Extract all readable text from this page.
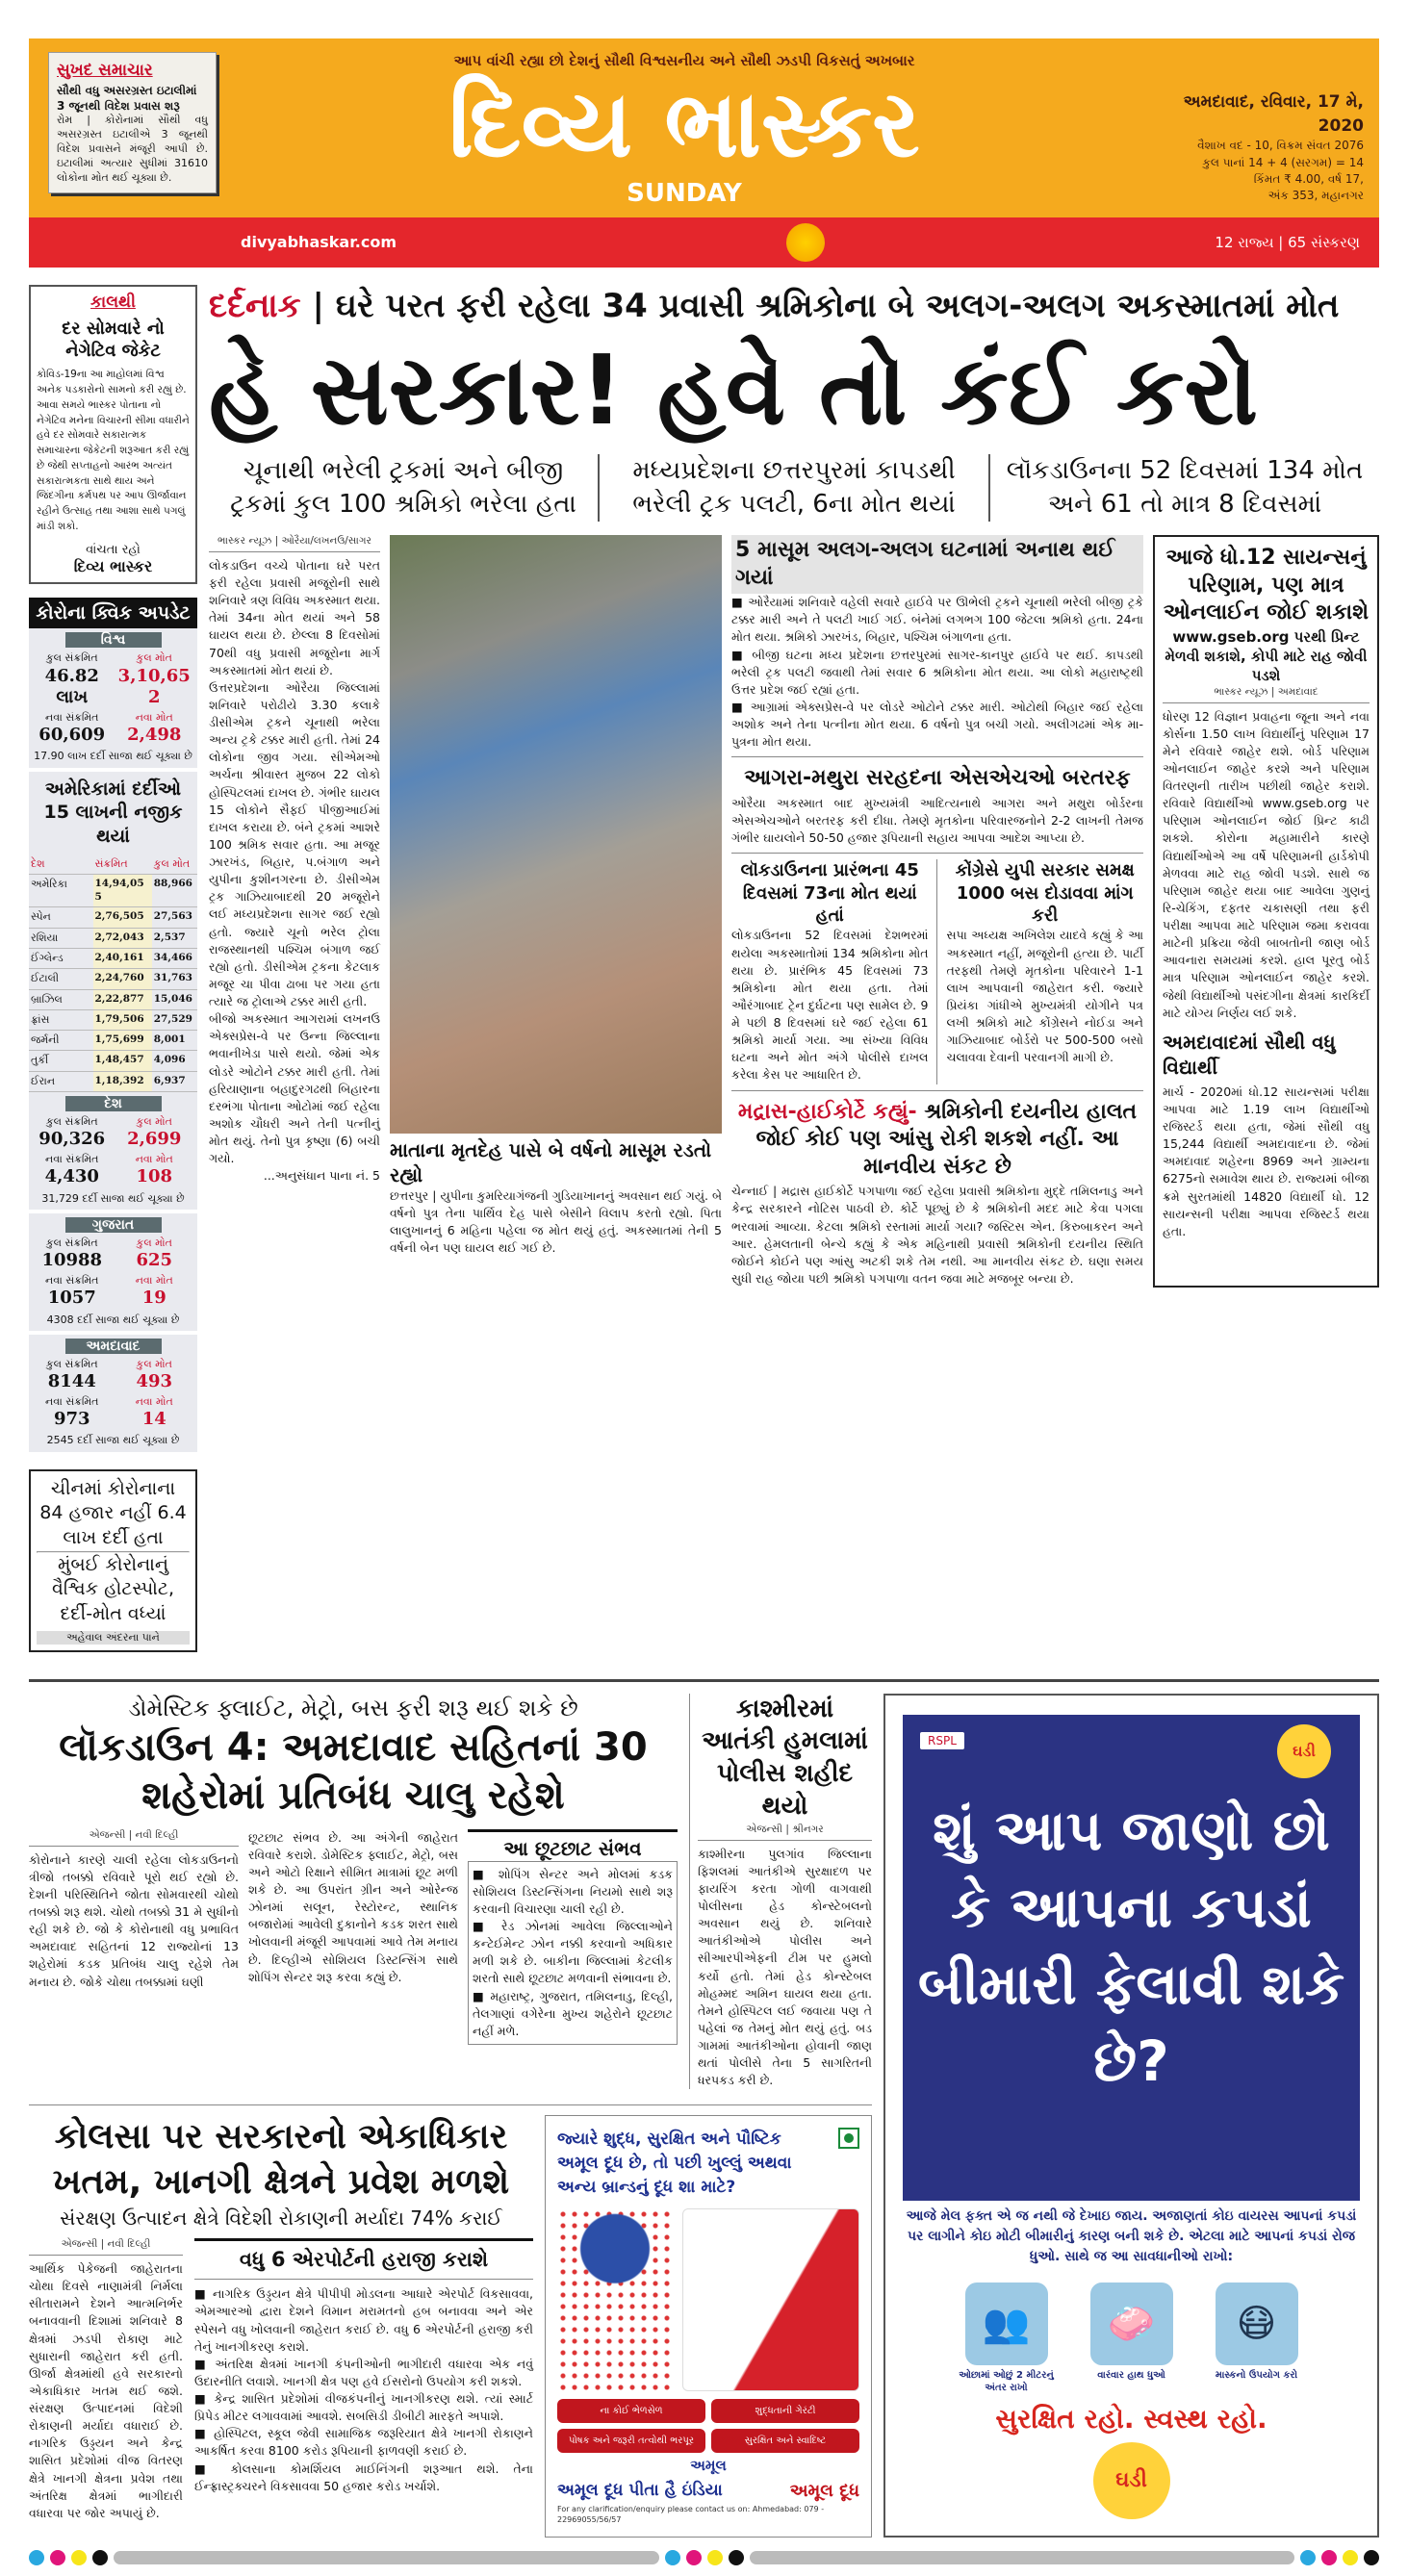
સુખદ સમાચાર
સૌથી વધુ અસરગ્રસ્ત ઇટાલીમાં 3 જૂનથી વિદેશ પ્રવાસ શરૂ

રોમ | કોરોનામાં સૌથી વધુ અસરગ્રસ્ત ઇટાલીએ 3 જૂનથી વિદેશ પ્રવાસને મંજૂરી આપી છે. ઇટાલીમાં અત્યાર સુધીમાં 31610 લોકોના મોત થઈ ચૂક્યા છે.

આપ વાંચી રહ્યા છો દેશનું સૌથી વિશ્વસનીય અને સૌથી ઝડપી વિકસતું અખબાર
દિવ્ય ભાસ્કર
SUNDAY
અમદાવાદ, રવિવાર, 17 મે, 2020
વૈશાખ વદ - 10, વિક્રમ સંવત 2076
કુલ પાનાં 14 + 4 (સરગમ) = 14
કિંમત ₹ 4.00, વર્ષ 17,
અંક 353, મહાનગર
divyabhaskar.com	12 રાજ્ય | 65 સંસ્કરણ
કાલથી
દર સોમવારે નો નેગેટિવ જેકેટ

કોવિડ-19ના આ માહોલમાં વિશ્વ અનેક પડકારોનો સામનો કરી રહ્યું છે. આવા સમયે ભાસ્કર પોતાના નો નેગેટિવ મનેના વિચારની સીમા વધારીને હવે દર સોમવારે સકારાત્મક સમાચારના જેકેટની શરૂઆત કરી રહ્યું છે જેથી સપ્તાહનો આરંભ અત્યંત સકારાત્મકતા સાથે થાય અને જિંદગીના કર્મપથ પર આપ ઊર્જાવાન રહીને ઉત્સાહ તથા આશા સાથે પગલું માંડી શકો.

વાંચતા રહો
દિવ્ય ભાસ્કર
કોરોના ક્વિક અપડેટ
વિશ્વ
કુલ સંક્રમિત
46.82 લાખ
કુલ મોત
3,10,652
નવા સંક્રમિત
60,609
નવા મોત
2,498
17.90 લાખ દર્દી સાજા થઈ ચૂક્યા છે
અમેરિકામાં દર્દીઓ 15 લાખની નજીક થયાં
દેશ	સંક્રમિત	કુલ મોત
અમેરિકા	14,94,055	88,966
સ્પેન	2,76,505	27,563
રશિયા	2,72,043	2,537
ઈંગ્લેન્ડ	2,40,161	34,466
ઈટાલી	2,24,760	31,763
બ્રાઝિલ	2,22,877	15,046
ફ્રાંસ	1,79,506	27,529
જર્મની	1,75,699	8,001
તુર્કી	1,48,457	4,096
ઈરાન	1,18,392	6,937
દેશ
કુલ સંક્રમિત
90,326
કુલ મોત
2,699
નવા સંક્રમિત
4,430
નવા મોત
108
31,729 દર્દી સાજા થઈ ચૂક્યા છે
ગુજરાત
કુલ સંક્રમિત
10988
કુલ મોત
625
નવા સંક્રમિત
1057
નવા મોત
19
4308 દર્દી સાજા થઈ ચૂક્યા છે
અમદાવાદ
કુલ સંક્રમિત
8144
કુલ મોત
493
નવા સંક્રમિત
973
નવા મોત
14
2545 દર્દી સાજા થઈ ચૂક્યા છે
ચીનમાં કોરોનાના 84 હજાર નહીં 6.4 લાખ દર્દી હતા
મુંબઈ કોરોનાનું વૈશ્વિક હોટસ્પોટ, દર્દી-મોત વધ્યાં
અહેવાલ અંદરના પાને
દર્દનાક | ઘરે પરત ફરી રહેલા 34 પ્રવાસી શ્રમિકોના બે અલગ-અલગ અકસ્માતમાં મોત
હે સરકાર! હવે તો કંઈ કરો
ચૂનાથી ભરેલી ટ્રકમાં અને બીજી ટ્રકમાં કુલ 100 શ્રમિકો ભરેલા હતા
મધ્યપ્રદેશના છત્તરપુરમાં કાપડથી ભરેલી ટ્રક પલટી, 6ના મોત થયાં
લૉકડાઉનના 52 દિવસમાં 134 મોત અને 61 તો માત્ર 8 દિવસમાં
ભાસ્કર ન્યૂઝ | ઓરૈયા/લખનઉ/સાગર

લોકડાઉન વચ્ચે પોતાના ઘરે પરત ફરી રહેલા પ્રવાસી મજૂરોની સાથે શનિવારે ત્રણ વિવિધ અકસ્માત થયા. તેમાં 34ના મોત થયાં અને 58 ઘાયલ થયા છે. છેલ્લા 8 દિવસોમાં 70થી વધુ પ્રવાસી મજૂરોના માર્ગ અકસ્માતમાં મોત થયાં છે.

ઉત્તરપ્રદેશના ઓરૈયા જિલ્લામાં શનિવારે પરોઢીયે 3.30 કલાકે ડીસીએમ ટ્રકને ચૂનાથી ભરેલા અન્ય ટ્રકે ટક્કર મારી હતી. તેમાં 24 લોકોના જીવ ગયા. સીએમઓ અર્ચના શ્રીવાસ્ત મુજબ 22 લોકો હોસ્પિટલમાં દાખલ છે. ગંભીર ઘાયલ 15 લોકોને સૈફઈ પીજીઆઈમાં દાખલ કરાયા છે. બંને ટ્રકમાં આશરે 100 શ્રમિક સવાર હતા. આ મજૂર ઝારખંડ, બિહાર, પ.બંગાળ અને યુપીના કુશીનગરના છે. ડીસીએમ ટ્રક ગાઝિયાબાદથી 20 મજૂરોને લઈ મધ્યપ્રદેશના સાગર જઈ રહ્યો હતો. જ્યારે ચૂનો ભરેલ ટ્રોલા રાજસ્થાનથી પશ્ચિમ બંગાળ જઈ રહ્યો હતો. ડીસીએમ ટ્રકના કેટલાક મજૂર ચા પીવા ઢાબા પર ગયા હતા ત્યારે જ ટ્રોલાએ ટક્કર મારી હતી.

બીજો અકસ્માત આગરામાં લખનઉ એક્સપ્રેસ-વે પર ઉન્ના જિલ્લાના ભવાનીખેડા પાસે થયો. જેમાં એક લોડરે ઓટોને ટક્કર મારી હતી. તેમાં હરિયાણાના બહાદુરગઢથી બિહારના દરભંગા પોતાના ઓટોમાં જઈ રહેલા અશોક ચૌધરી અને તેની પત્નીનું મોત થયું. તેનો પુત્ર કૃષ્ણા (6) બચી ગયો.

...અનુસંધાન પાના નં. 5

માતાના મૃતદેહ પાસે બે વર્ષનો માસૂમ રડતો રહ્યો

છત્તરપુર | યુપીના કુમરિયાગંજની ગુડિયાખાનનું અવસાન થઈ ગયું. બે વર્ષનો પુત્ર તેના પાર્થિવ દેહ પાસે બેસીને વિલાપ કરતો રહ્યો. પિતા લાલુખાનનું 6 મહિના પહેલા જ મોત થયું હતું. અકસ્માતમાં તેની 5 વર્ષની બેન પણ ઘાયલ થઈ ગઈ છે.

5 માસૂમ અલગ-અલગ ઘટનામાં અનાથ થઈ ગયાં

■ ઓરૈયામાં શનિવારે વહેલી સવારે હાઈવે પર ઊભેલી ટ્રકને ચૂનાથી ભરેલી બીજી ટ્રકે ટક્કર મારી અને તે પલટી ખાઈ ગઈ. બંનેમાં લગભગ 100 જેટલા શ્રમિકો હતા. 24ના મોત થયા. શ્રમિકો ઝારખંડ, બિહાર, પશ્ચિમ બંગાળના હતા.

■ બીજી ઘટના મધ્ય પ્રદેશના છત્તરપુરમાં સાગર-કાનપુર હાઈવે પર થઈ. કાપડથી ભરેલી ટ્રક પલટી જવાથી તેમાં સવાર 6 શ્રમિકોના મોત થયા. આ લોકો મહારાષ્ટ્રથી ઉત્તર પ્રદેશ જઈ રહ્યાં હતા.

■ આગ્રામાં એક્સપ્રેસ-વે પર લોડરે ઓટોને ટક્કર મારી. ઓટોથી બિહાર જઈ રહેલા અશોક અને તેના પત્નીના મોત થયા. 6 વર્ષનો પુત્ર બચી ગયો. અલીગઢમાં એક મા-પુત્રના મોત થયા.

આગરા-મથુરા સરહદના એસએચઓ બરતરફ

ઓરૈયા અકસ્માત બાદ મુખ્યમંત્રી આદિત્યનાથે આગરા અને મથુરા બોર્ડરના એસએચઓને બરતરફ કરી દીધા. તેમણે મૃતકોના પરિવારજનોને 2-2 લાખની તેમજ ગંભીર ઘાયલોને 50-50 હજાર રૂપિયાની સહાય આપવા આદેશ આપ્યા છે.

લૉકડાઉનના પ્રારંભના 45 દિવસમાં 73ના મોત થયાં હતાં

લોકડાઉનના 52 દિવસમાં દેશભરમાં થયેલા અકસ્માતોમાં 134 શ્રમિકોના મોત થયા છે. પ્રારંભિક 45 દિવસમાં 73 શ્રમિકોના મોત થયા હતા. તેમાં ઔરંગાબાદ ટ્રેન દુર્ઘટના પણ સામેલ છે. 9 મે પછી 8 દિવસમાં ઘરે જઈ રહેલા 61 શ્રમિકો માર્યા ગયા. આ સંખ્યા વિવિધ ઘટના અને મોત અંગે પોલીસે દાખલ કરેલા કેસ પર આધારિત છે.

કોંગ્રેસે યુપી સરકાર સમક્ષ 1000 બસ દોડાવવા માંગ કરી

સપા અધ્યક્ષ અખિલેશ યાદવે કહ્યું કે આ અકસ્માત નહીં, મજૂરોની હત્યા છે. પાર્ટી તરફથી તેમણે મૃતકોના પરિવારને 1-1 લાખ આપવાની જાહેરાત કરી. જ્યારે પ્રિયંકા ગાંધીએ મુખ્યમંત્રી યોગીને પત્ર લખી શ્રમિકો માટે કોંગ્રેસને નોઈડા અને ગાઝિયાબાદ બોર્ડરો પર 500-500 બસો ચલાવવા દેવાની પરવાનગી માગી છે.

મદ્રાસ-હાઈકોર્ટે કહ્યું- શ્રમિકોની દયનીય હાલત જોઈ કોઈ પણ આંસુ રોકી શકશે નહીં. આ માનવીય સંકટ છે

ચેન્નાઈ | મદ્રાસ હાઈકોર્ટે પગપાળા જઈ રહેલા પ્રવાસી શ્રમિકોના મુદ્દે તમિલનાડુ અને કેન્દ્ર સરકારને નોટિસ પાઠવી છે. કોર્ટે પૂછ્યું છે કે શ્રમિકોની મદદ માટે કેવા પગલા ભરવામાં આવ્યા. કેટલા શ્રમિકો રસ્તામાં માર્યા ગયા? જસ્ટિસ એન. કિરુબાકરન અને આર. હેમલતાની બેન્ચે કહ્યું કે એક મહિનાથી પ્રવાસી શ્રમિકોની દયનીય સ્થિતિ જોઈને કોઈને પણ આંસુ અટકી શકે તેમ નથી. આ માનવીય સંકટ છે. ઘણા સમય સુધી રાહ જોયા પછી શ્રમિકો પગપાળા વતન જવા માટે મજબૂર બન્યા છે.

આજે ધો.12 સાયન્સનું પરિણામ, પણ માત્ર ઓનલાઈન જોઈ શકાશે
www.gseb.org પરથી પ્રિન્ટ મેળવી શકાશે, કોપી માટે રાહ જોવી પડશે
ભાસ્કર ન્યૂઝ | અમદાવાદ

ધોરણ 12 વિજ્ઞાન પ્રવાહના જૂના અને નવા કોર્સના 1.50 લાખ વિદ્યાર્થીનું પરિણામ 17 મેને રવિવારે જાહેર થશે. બોર્ડ પરિણામ ઓનલાઈન જાહેર કરશે અને પરિણામ વિતરણની તારીખ પછીથી જાહેર કરાશે. રવિવારે વિદ્યાર્થીઓ www.gseb.org પર પરિણામ ઓનલાઈન જોઈ પ્રિન્ટ કાઢી શકશે. કોરોના મહામારીને કારણે વિદ્યાર્થીઓએ આ વર્ષે પરિણામની હાર્ડકોપી મેળવવા માટે રાહ જોવી પડશે. સાથે જ પરિણામ જાહેર થયા બાદ આવેલા ગુણનું રિ-ચેકિંગ, દફતર ચકાસણી તથા ફરી પરીક્ષા આપવા માટે પરિણામ જમા કરાવવા માટેની પ્રક્રિયા જેવી બાબતોની જાણ બોર્ડ આવનારા સમયમાં કરશે. હાલ પૂરતુ બોર્ડ માત્ર પરિણામ ઓનલાઈન જાહેર કરશે. જેથી વિદ્યાર્થીઓ પસંદગીના ક્ષેત્રમાં કારકિર્દી માટે યોગ્ય નિર્ણય લઈ શકે.

અમદાવાદમાં સૌથી વધુ વિદ્યાર્થી

માર્ચ - 2020માં ધો.12 સાયન્સમાં પરીક્ષા આપવા માટે 1.19 લાખ વિદ્યાર્થીઓ રજિસ્ટર્ડ થયા હતા, જેમાં સૌથી વધુ 15,244 વિદ્યાર્થી અમદાવાદના છે. જેમાં અમદાવાદ શહેરના 8969 અને ગ્રામ્યના 6275નો સમાવેશ થાય છે. રાજ્યમાં બીજા ક્રમે સુરતમાંથી 14820 વિદ્યાર્થી ધો. 12 સાયન્સની પરીક્ષા આપવા રજિસ્ટર્ડ થયા હતા.

ડોમેસ્ટિક ફ્લાઈટ, મેટ્રો, બસ ફરી શરૂ થઈ શકે છે
લૉકડાઉન 4: અમદાવાદ સહિતનાં 30 શહેરોમાં પ્રતિબંધ ચાલુ રહેશે
એજન્સી | નવી દિલ્હી

કોરોનાને કારણે ચાલી રહેલા લોકડાઉનનો ત્રીજો તબક્કો રવિવારે પૂરો થઈ રહ્યો છે. દેશની પરિસ્થિતિને જોતા સોમવારથી ચોથો તબક્કો શરૂ થશે. ચોથો તબક્કો 31 મે સુધીનો રહી શકે છે. જો કે કોરોનાથી વધુ પ્રભાવિત અમદાવાદ સહિતનાં 12 રાજ્યોનાં 13 શહેરોમાં કડક પ્રતિબંધ ચાલુ રહેશે તેમ મનાય છે. જોકે ચોથા તબક્કામાં ઘણી

છૂટછાટ સંભવ છે. આ અંગેની જાહેરાત રવિવારે કરાશે. ડોમેસ્ટિક ફ્લાઈટ, મેટ્રો, બસ અને ઓટો રિક્ષાને સીમિત માત્રામાં છૂટ મળી શકે છે. આ ઉપરાંત ગ્રીન અને ઓરેન્જ ઝોનમાં સલૂન, રેસ્ટોરન્ટ, સ્થાનિક બજારોમાં આવેલી દુકાનોને કડક શરત સાથે ખોલવાની મંજૂરી આપવામાં આવે તેમ મનાય છે. દિલ્હીએ સોશિયલ ડિસ્ટન્સિંગ સાથે શોપિંગ સેન્ટર શરૂ કરવા કહ્યું છે.

આ છૂટછાટ સંભવ

■ શોપિંગ સેન્ટર અને મોલમાં કડક સોશિયલ ડિસ્ટન્સિંગના નિયમો સાથે શરૂ કરવાની વિચારણા ચાલી રહી છે.

■ રેડ ઝોનમાં આવેલા જિલ્લાઓને કન્ટેઈમેન્ટ ઝોન નક્કી કરવાનો અધિકાર મળી શકે છે. બાકીના જિલ્લામાં કેટલીક શરતો સાથે છૂટછાટ મળવાની સંભાવના છે.

■ મહારાષ્ટ્ર, ગુજરાત, તમિલનાડુ, દિલ્હી, તેલગાણાં વગેરેના મુખ્ય શહેરોને છૂટછાટ નહીં મળે.

કાશ્મીરમાં આતંકી હુમલામાં પોલીસ શહીદ થયો
એજન્સી | શ્રીનગર

કાશ્મીરના પુલગાંવ જિલ્લાના ફિશલમાં આતંકીએ સુરક્ષાદળ પર ફાયરિંગ કરતા ગોળી વાગવાથી પોલીસના હેડ કોન્સ્ટેબલનો અવસાન થયું છે. શનિવારે આતંકીઓએ પોલીસ અને સીઆરપીએફની ટીમ પર હુમલો કર્યો હતો. તેમાં હેડ કોન્સ્ટેબલ મોહમ્મદ અમિન ઘાયલ થયા હતા. તેમને હોસ્પિટલ લઈ જવાયા પણ તે પહેલાં જ તેમનું મોત થયું હતું. બડ ગામમાં આતંકીઓના હોવાની જાણ થતાં પોલીસે તેના 5 સાગરિતની ધરપકડ કરી છે.

કોલસા પર સરકારનો એકાધિકાર ખતમ, ખાનગી ક્ષેત્રને પ્રવેશ મળશે
સંરક્ષણ ઉત્પાદન ક્ષેત્રે વિદેશી રોકાણની મર્યાદા 74% કરાઈ
એજન્સી | નવી દિલ્હી

આર્થિક પેકેજની જાહેરાતના ચોથા દિવસે નાણામંત્રી નિર્મલા સીતારામને દેશને આત્મનિર્ભર બનાવવાની દિશામાં શનિવારે 8 ક્ષેત્રમાં ઝડપી રોકાણ માટે સુધારાની જાહેરાત કરી હતી. ઊર્જા ક્ષેત્રમાંથી હવે સરકારનો એકાધિકાર ખતમ થઈ જશે. સંરક્ષણ ઉત્પાદનમાં વિદેશી રોકાણની મર્યાદા વધારાઈ છે. નાગરિક ઉડ્ડયન અને કેન્દ્ર શાસિત પ્રદેશોમાં વીજ વિતરણ ક્ષેત્રે ખાનગી ક્ષેત્રના પ્રવેશ તથા અંતરિક્ષ ક્ષેત્રમાં ભાગીદારી વધારવા પર જોર અપાયું છે.

વધુ 6 એરપોર્ટની હરાજી કરાશે

■ નાગરિક ઉડ્ડયન ક્ષેત્રે પીપીપી મોડલના આધારે એરપોર્ટ વિકસાવવા, એમઆરઓ દ્વારા દેશને વિમાન મરામતનો હબ બનાવવા અને એર સ્પેસને વધુ ખોલવાની જાહેરાત કરાઈ છે. વધુ 6 એરપોર્ટની હરાજી કરી તેનું ખાનગીકરણ કરાશે.

■ અંતરિક્ષ ક્ષેત્રમાં ખાનગી કંપનીઓની ભાગીદારી વધારવા એક નવું ઉદારનીતિ લવાશે. ખાનગી ક્ષેત્ર પણ હવે ઈસરોનો ઉપયોગ કરી શકશે.

■ કેન્દ્ર શાસિત પ્રદેશોમાં વીજકંપનીનું ખાનગીકરણ થશે. ત્યાં સ્માર્ટ પ્રિપેડ મીટર લગાવવામાં આવશે. સબસિડી ડીબીટી મારફતે અપાશે.

■ હોસ્પિટલ, સ્કૂલ જેવી સામાજિક જરૂરિયાત ક્ષેત્રે ખાનગી રોકાણને આકર્ષિત કરવા 8100 કરોડ રૂપિયાની ફાળવણી કરાઈ છે.

■ કોલસાના કોમર્શિયલ માઈનિંગની શરૂઆત થશે. તેના ઈન્ફ્રાસ્ટ્રક્ચરને વિકસાવવા 50 હજાર કરોડ ખર્ચાશે.

જ્યારે શુદ્ધ, સુરક્ષિત અને પૌષ્ટિક અમૂલ દૂધ છે, તો પછી ખુલ્લું અથવા અન્ય બ્રાન્ડનું દૂધ શા માટે?
ના કોઈ ભેળસેળ	શુદ્ધતાની ગેરંટી
પોષક અને જરૂરી તત્વોથી ભરપૂર	સુરક્ષિત અને સ્વાદિષ્ટ
અમૂલ
અમૂલ દૂધ પીતા હૈ ઇંડિયા	અમૂલ દૂધ
For any clarification/enquiry please contact us on: Ahmedabad: 079 - 22969055/56/57
RSPL
ઘડી
શું આપ જાણો છો કે આપના કપડાં બીમારી ફેલાવી શકે છે?
આજે મેલ ફક્ત એ જ નથી જે દેખાઇ જાય. અજાણતાં કોઇ વાયરસ આપનાં કપડાં પર લાગીને કોઇ મોટી બીમારીનું કારણ બની શકે છે. એટલા માટે આપનાં કપડાં રોજ ધુઓ. સાથે જ આ સાવધાનીઓ રાખો:
👥
ઓછામાં ઓછું 2 મીટરનું અંતર રાખો
🧼
વારંવાર હાથ ધુઓ
😷
માસ્કનો ઉપયોગ કરો
સુરક્ષિત રહો. સ્વસ્થ રહો.
ઘડી
